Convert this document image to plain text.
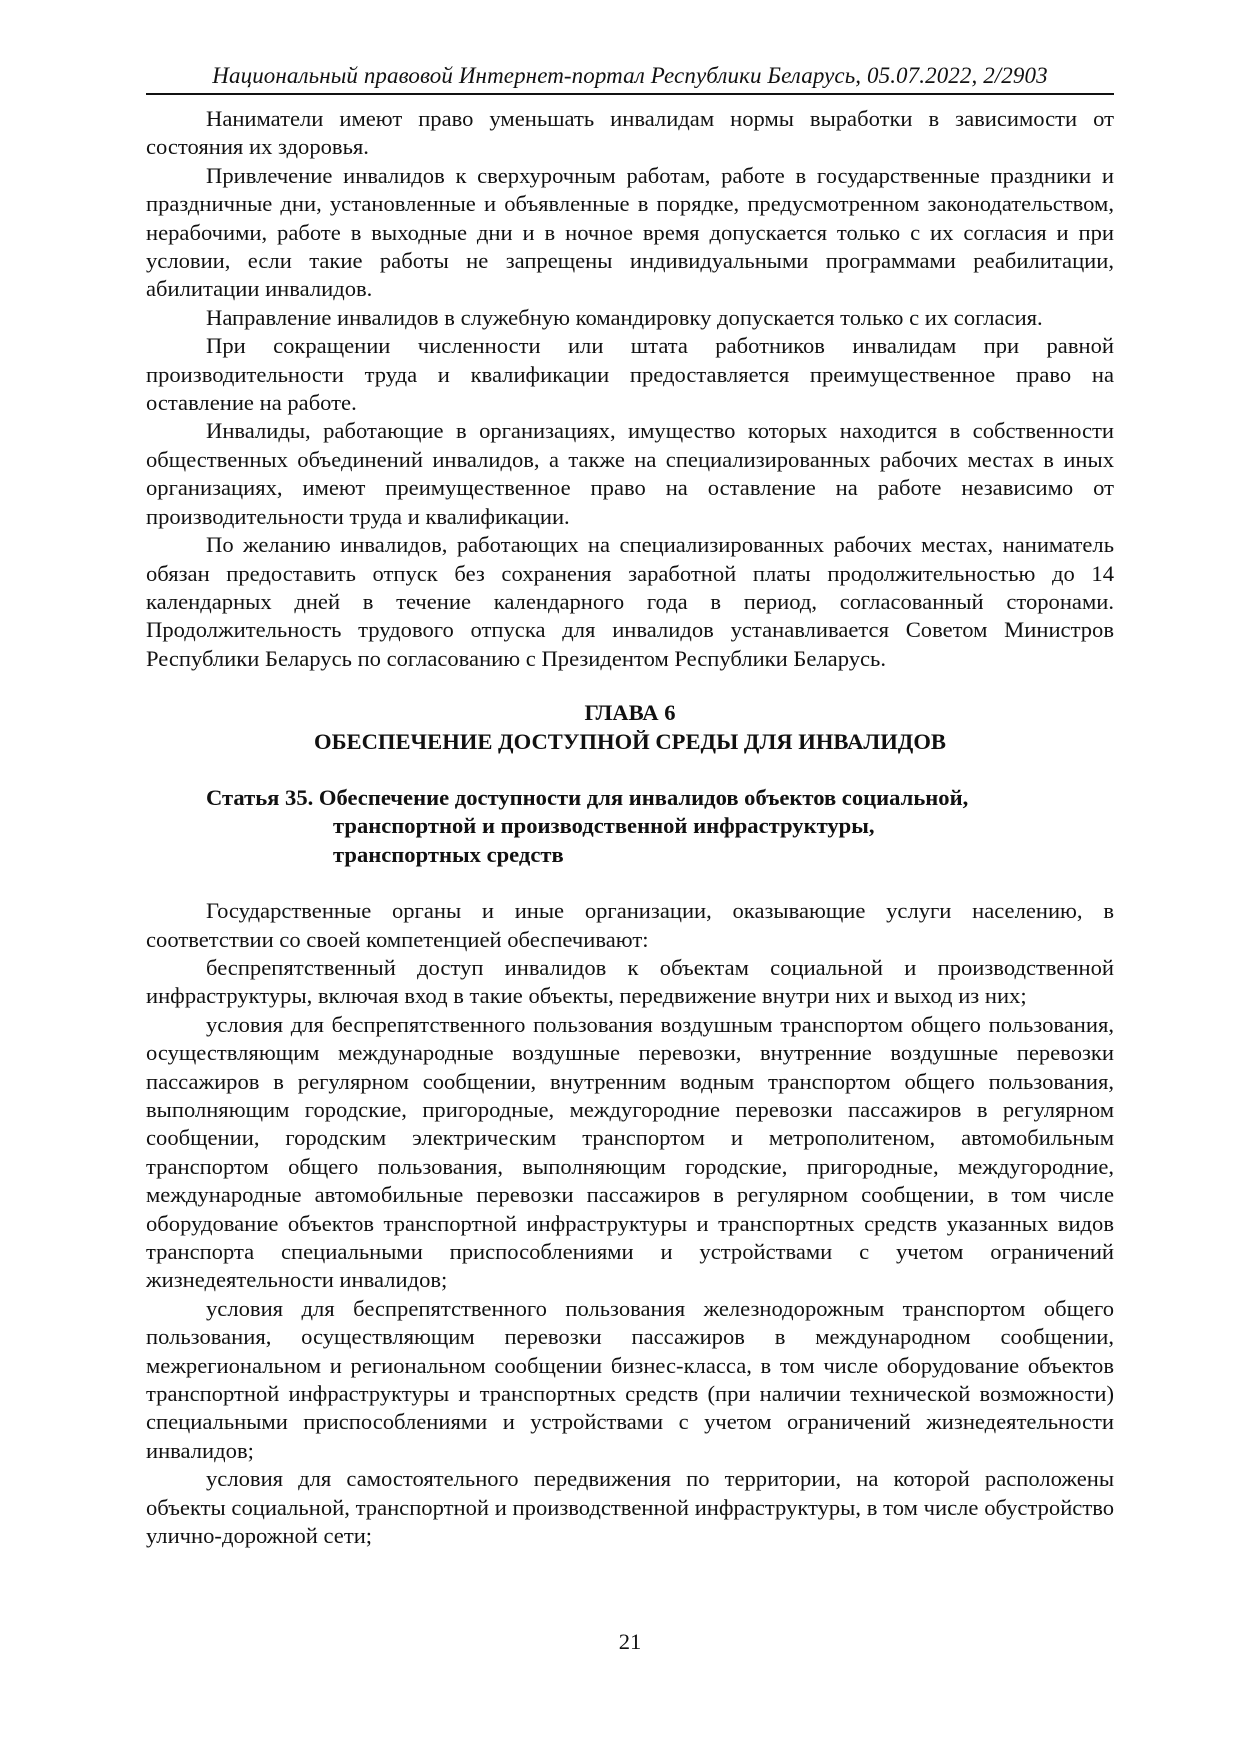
Национальный правовой Интернет-портал Республики Беларусь, 05.07.2022, 2/2903

Наниматели имеют право уменьшать инвалидам нормы выработки в зависимости от состояния их здоровья.

Привлечение инвалидов к сверхурочным работам, работе в государственные праздники и праздничные дни, установленные и объявленные в порядке, предусмотренном законодательством, нерабочими, работе в выходные дни и в ночное время допускается только с их согласия и при условии, если такие работы не запрещены индивидуальными программами реабилитации, абилитации инвалидов.

Направление инвалидов в служебную командировку допускается только с их согласия.

При сокращении численности или штата работников инвалидам при равной производительности труда и квалификации предоставляется преимущественное право на оставление на работе.

Инвалиды, работающие в организациях, имущество которых находится в собственности общественных объединений инвалидов, а также на специализированных рабочих местах в иных организациях, имеют преимущественное право на оставление на работе независимо от производительности труда и квалификации.

По желанию инвалидов, работающих на специализированных рабочих местах, наниматель обязан предоставить отпуск без сохранения заработной платы продолжительностью до 14 календарных дней в течение календарного года в период, согласованный сторонами. Продолжительность трудового отпуска для инвалидов устанавливается Советом Министров Республики Беларусь по согласованию с Президентом Республики Беларусь.

ГЛАВА 6
ОБЕСПЕЧЕНИЕ ДОСТУПНОЙ СРЕДЫ ДЛЯ ИНВАЛИДОВ
Статья 35. Обеспечение доступности для инвалидов объектов социальной,
транспортной и производственной инфраструктуры,
транспортных средств

Государственные органы и иные организации, оказывающие услуги населению, в соответствии со своей компетенцией обеспечивают:

беспрепятственный доступ инвалидов к объектам социальной и производственной инфраструктуры, включая вход в такие объекты, передвижение внутри них и выход из них;

условия для беспрепятственного пользования воздушным транспортом общего пользования, осуществляющим международные воздушные перевозки, внутренние воздушные перевозки пассажиров в регулярном сообщении, внутренним водным транспортом общего пользования, выполняющим городские, пригородные, междугородние перевозки пассажиров в регулярном сообщении, городским электрическим транспортом и метрополитеном, автомобильным транспортом общего пользования, выполняющим городские, пригородные, междугородние, международные автомобильные перевозки пассажиров в регулярном сообщении, в том числе оборудование объектов транспортной инфраструктуры и транспортных средств указанных видов транспорта специальными приспособлениями и устройствами с учетом ограничений жизнедеятельности инвалидов;

условия для беспрепятственного пользования железнодорожным транспортом общего пользования, осуществляющим перевозки пассажиров в международном сообщении, межрегиональном и региональном сообщении бизнес-класса, в том числе оборудование объектов транспортной инфраструктуры и транспортных средств (при наличии технической возможности) специальными приспособлениями и устройствами с учетом ограничений жизнедеятельности инвалидов;

условия для самостоятельного передвижения по территории, на которой расположены объекты социальной, транспортной и производственной инфраструктуры, в том числе обустройство улично-дорожной сети;

21
